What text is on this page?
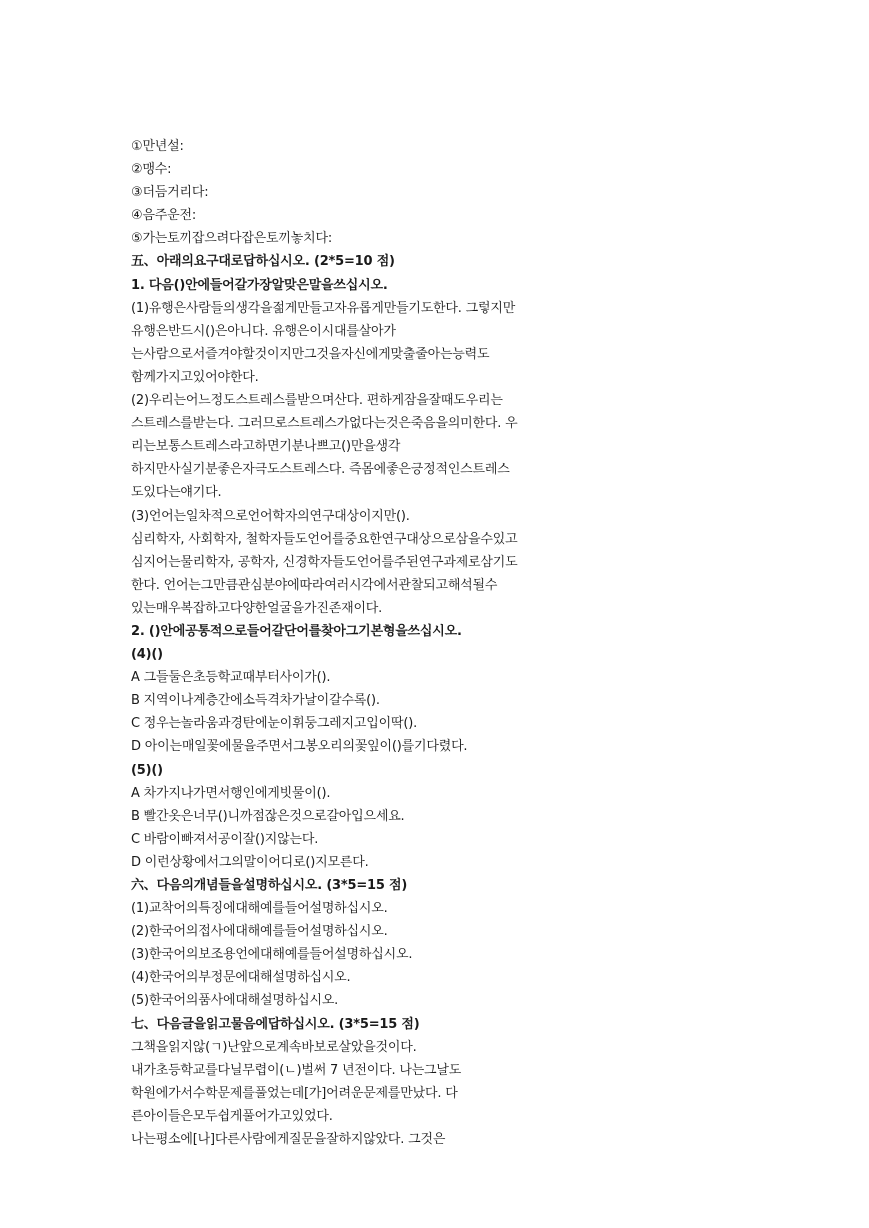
①만년설:
②맹수:
③더듬거리다:
④음주운전:
⑤가는토끼잡으려다잡은토끼놓치다:
五、아래의요구대로답하십시오. (2*5=10 점)
1. 다음()안에들어갈가장알맞은말을쓰십시오.
(1)유행은사람들의생각을젊게만들고자유롭게만들기도한다. 그렇지만
유행은반드시()은아니다. 유행은이시대를살아가
는사람으로서즐겨야할것이지만그것을자신에게맞출줄아는능력도
함께가지고있어야한다.
(2)우리는어느정도스트레스를받으며산다. 편하게잠을잘때도우리는
스트레스를받는다. 그러므로스트레스가없다는것은죽음을의미한다. 우
리는보통스트레스라고하면기분나쁘고()만을생각
하지만사실기분좋은자극도스트레스다. 즉몸에좋은긍정적인스트레스
도있다는얘기다.
(3)언어는일차적으로언어학자의연구대상이지만().
심리학자, 사회학자, 철학자들도언어를중요한연구대상으로삼을수있고
심지어는물리학자, 공학자, 신경학자들도언어를주된연구과제로삼기도
한다. 언어는그만큼관심분야에따라여러시각에서관찰되고해석될수
있는매우복잡하고다양한얼굴을가진존재이다.
2. ()안에공통적으로들어갈단어를찾아그기본형을쓰십시오.
(4)()
A 그들둘은초등학교때부터사이가().
B 지역이나계층간에소득격차가날이갈수록().
C 정우는놀라움과경탄에눈이휘둥그레지고입이딱().
D 아이는매일꽃에물을주면서그봉오리의꽃잎이()를기다렸다.
(5)()
A 차가지나가면서행인에게빗물이().
B 빨간옷은너무()니까점잖은것으로갈아입으세요.
C 바람이빠져서공이잘()지않는다.
D 이런상황에서그의말이어디로()지모른다.
六、다음의개념들을설명하십시오. (3*5=15 점)
(1)교착어의특징에대해예를들어설명하십시오.
(2)한국어의접사에대해예를들어설명하십시오.
(3)한국어의보조용언에대해예를들어설명하십시오.
(4)한국어의부정문에대해설명하십시오.
(5)한국어의품사에대해설명하십시오.
七、다음글을읽고물음에답하십시오. (3*5=15 점)
그책을읽지않(ㄱ)난앞으로계속바보로살았을것이다.
내가초등학교를다닐무렵이(ㄴ)벌써 7 년전이다. 나는그날도
학원에가서수학문제를풀었는데[가]어려운문제를만났다. 다
른아이들은모두쉽게풀어가고있었다.
나는평소에[나]다른사람에게질문을잘하지않았다. 그것은
